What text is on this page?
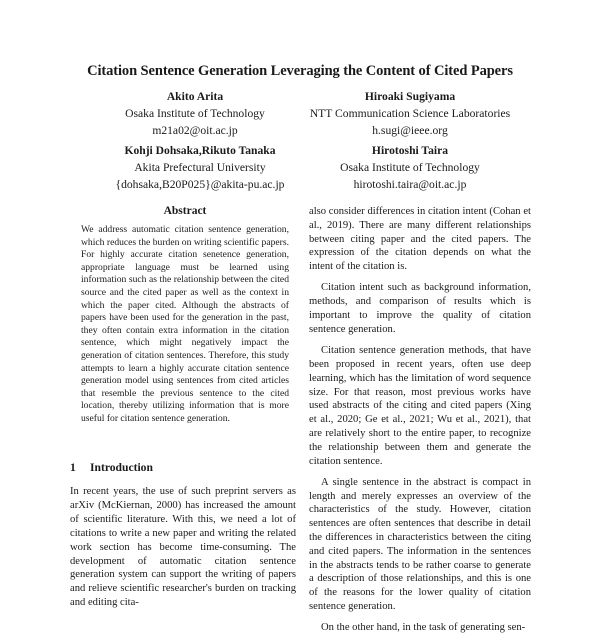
Citation Sentence Generation Leveraging the Content of Cited Papers
Akito Arita
Osaka Institute of Technology
m21a02@oit.ac.jp
Hiroaki Sugiyama
NTT Communication Science Laboratories
h.sugi@ieee.org
Kohji Dohsaka,Rikuto Tanaka
Akita Prefectural University
{dohsaka,B20P025}@akita-pu.ac.jp
Hirotoshi Taira
Osaka Institute of Technology
hirotoshi.taira@oit.ac.jp
Abstract
We address automatic citation sentence generation, which reduces the burden on writing scientific papers. For highly accurate citation senetence generation, appropriate language must be learned using information such as the relationship between the cited source and the cited paper as well as the context in which the paper cited. Although the abstracts of papers have been used for the generation in the past, they often contain extra information in the citation sentence, which might negatively impact the generation of citation sentences. Therefore, this study attempts to learn a highly accurate citation sentence generation model using sentences from cited articles that resemble the previous sentence to the cited location, thereby utilizing information that is more useful for citation sentence generation.
1 Introduction
In recent years, the use of such preprint servers as arXiv (McKiernan, 2000) has increased the amount of scientific literature. With this, we need a lot of citations to write a new paper and writing the related work section has become time-consuming. The development of automatic citation sentence generation system can support the writing of papers and relieve scientific researcher's burden on tracking and editing cita-

also consider differences in citation intent (Cohan et al., 2019). There are many different relationships between citing paper and the cited papers. The expression of the citation depends on what the intent of the citation is.

Citation intent such as background information, methods, and comparison of results which is important to improve the quality of citation sentence generation.

Citation sentence generation methods, that have been proposed in recent years, often use deep learning, which has the limitation of word sequence size. For that reason, most previous works have used abstracts of the citing and cited papers (Xing et al., 2020; Ge et al., 2021; Wu et al., 2021), that are relatively short to the entire paper, to recognize the relationship between them and generate the citation sentence.

A single sentence in the abstract is compact in length and merely expresses an overview of the characteristics of the study. However, citation sentences are often sentences that describe in detail the differences in characteristics between the citing and cited papers. The information in the sentences in the abstracts tends to be rather coarse to generate a description of those relationships, and this is one of the reasons for the lower quality of citation sentence generation.

On the other hand, in the task of generating sen-
